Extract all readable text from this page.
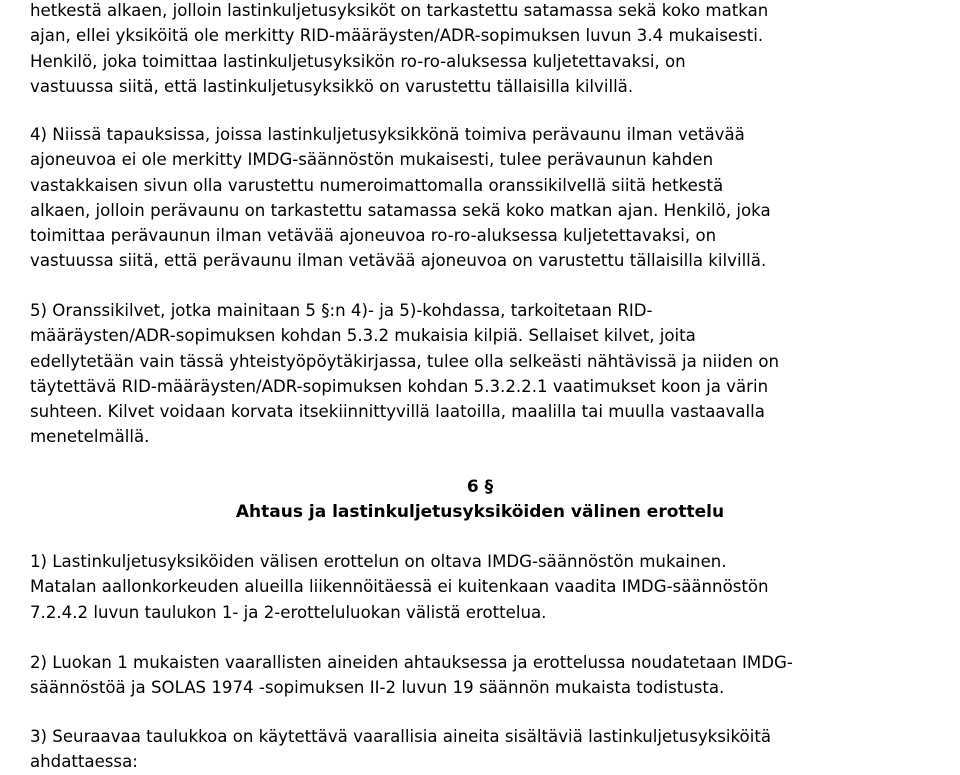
hetkestä alkaen, jolloin lastinkuljetusyksiköt on tarkastettu satamassa sekä koko matkan
ajan, ellei yksiköitä ole merkitty RID-määräysten/ADR-sopimuksen luvun 3.4 mukaisesti.
Henkilö, joka toimittaa lastinkuljetusyksikön ro-ro-aluksessa kuljetettavaksi, on
vastuussa siitä, että lastinkuljetusyksikkö on varustettu tällaisilla kilvillä.

4) Niissä tapauksissa, joissa lastinkuljetusyksikkönä toimiva perävaunu ilman vetävää
ajoneuvoa ei ole merkitty IMDG-säännöstön mukaisesti, tulee perävaunun kahden
vastakkaisen sivun olla varustettu numeroimattomalla oranssikilvellä siitä hetkestä
alkaen, jolloin perävaunu on tarkastettu satamassa sekä koko matkan ajan. Henkilö, joka
toimittaa perävaunun ilman vetävää ajoneuvoa ro-ro-aluksessa kuljetettavaksi, on
vastuussa siitä, että perävaunu ilman vetävää ajoneuvoa on varustettu tällaisilla kilvillä.

5) Oranssikilvet, jotka mainitaan 5 §:n 4)- ja 5)-kohdassa, tarkoitetaan RID-
määräysten/ADR-sopimuksen kohdan 5.3.2 mukaisia kilpiä. Sellaiset kilvet, joita
edellytetään vain tässä yhteistyöpöytäkirjassa, tulee olla selkeästi nähtävissä ja niiden on
täytettävä RID-määräysten/ADR-sopimuksen kohdan 5.3.2.2.1 vaatimukset koon ja värin
suhteen. Kilvet voidaan korvata itsekiinnittyvillä laatoilla, maalilla tai muulla vastaavalla
menetelmällä.

6 §
Ahtaus ja lastinkuljetusyksiköiden välinen erottelu

1) Lastinkuljetusyksiköiden välisen erottelun on oltava IMDG-säännöstön mukainen.
Matalan aallonkorkeuden alueilla liikennöitäessä ei kuitenkaan vaadita IMDG-säännöstön
7.2.4.2 luvun taulukon 1- ja 2-erotteluluokan välistä erottelua.

2) Luokan 1 mukaisten vaarallisten aineiden ahtauksessa ja erottelussa noudatetaan IMDG-
säännöstöä ja SOLAS 1974 -sopimuksen II-2 luvun 19 säännön mukaista todistusta.

3) Seuraavaa taulukkoa on käytettävä vaarallisia aineita sisältäviä lastinkuljetusyksiköitä
ahdattaessa:
